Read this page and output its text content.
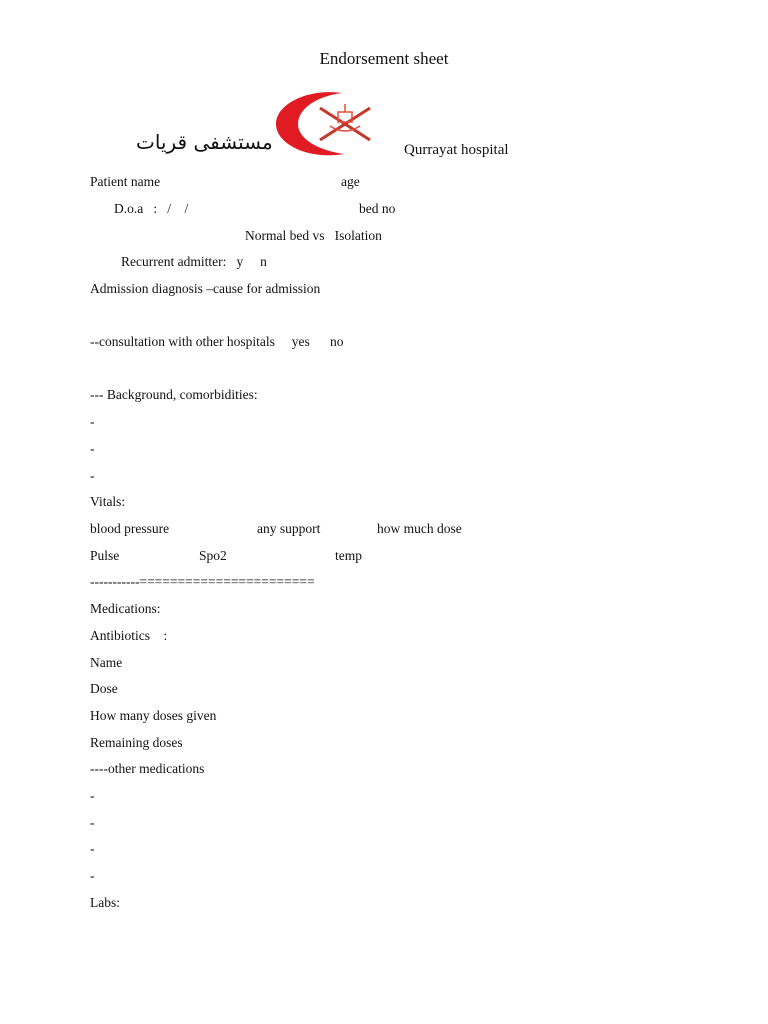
Endorsement sheet
مستشفى قريات	Qurrayat hospital
Patient name	age
D.o.a   :   /    /	bed no
Normal bed vs   Isolation
Recurrent admitter:   y     n
Admission diagnosis –cause for admission
--consultation with other hospitals     yes      no
--- Background, comorbidities:
-
-
-
Vitals:
blood pressure	any support	how much dose
Pulse	Spo2	temp
-----------=======================
Medications:
Antibiotics    :
Name
Dose
How many doses given
Remaining doses
----other medications
-
-
-
-
Labs:
